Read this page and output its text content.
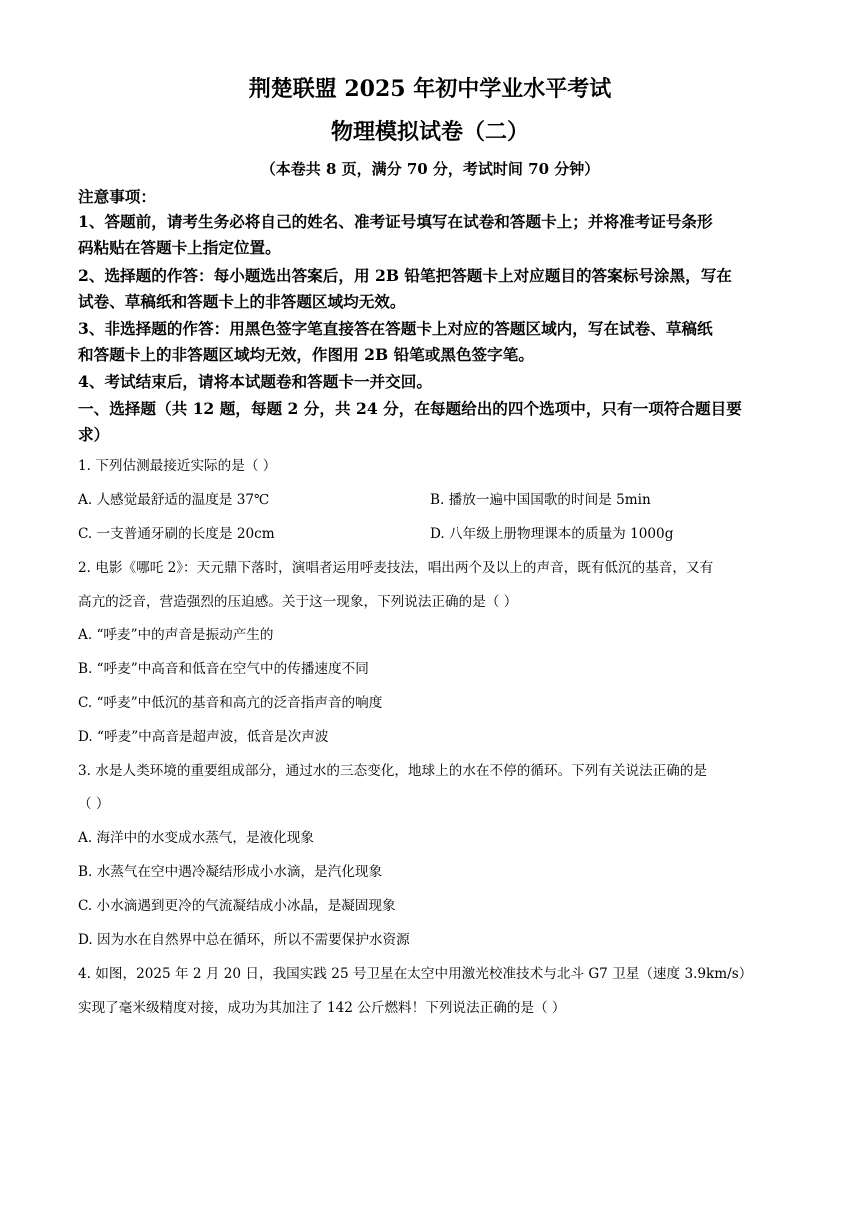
荆楚联盟 2025 年初中学业水平考试
物理模拟试卷（二）
（本卷共 8 页，满分 70 分，考试时间 70 分钟）
注意事项：
1、答题前，请考生务必将自己的姓名、准考证号填写在试卷和答题卡上；并将准考证号条形
码粘贴在答题卡上指定位置。
2、选择题的作答：每小题选出答案后，用 2B 铅笔把答题卡上对应题目的答案标号涂黑，写在
试卷、草稿纸和答题卡上的非答题区域均无效。
3、非选择题的作答：用黑色签字笔直接答在答题卡上对应的答题区域内，写在试卷、草稿纸
和答题卡上的非答题区域均无效，作图用 2B 铅笔或黑色签字笔。
4、考试结束后，请将本试题卷和答题卡一并交回。
一、选择题（共 12 题，每题 2 分，共 24 分，在每题给出的四个选项中，只有一项符合题目要
求）
1. 下列估测最接近实际的是（ ）
A. 人感觉最舒适的温度是 37℃	B. 播放一遍中国国歌的时间是 5min
C. 一支普通牙刷的长度是 20cm	D. 八年级上册物理课本的质量为 1000g
2. 电影《哪吒 2》：天元鼎下落时，演唱者运用呼麦技法，唱出两个及以上的声音，既有低沉的基音，又有
高亢的泛音，营造强烈的压迫感。关于这一现象，下列说法正确的是（ ）
A. “呼麦”中的声音是振动产生的
B. “呼麦”中高音和低音在空气中的传播速度不同
C. “呼麦”中低沉的基音和高亢的泛音指声音的响度
D. “呼麦”中高音是超声波，低音是次声波
3. 水是人类环境的重要组成部分，通过水的三态变化，地球上的水在不停的循环。下列有关说法正确的是
（ ）
A. 海洋中的水变成水蒸气，是液化现象
B. 水蒸气在空中遇冷凝结形成小水滴，是汽化现象
C. 小水滴遇到更冷的气流凝结成小冰晶，是凝固现象
D. 因为水在自然界中总在循环，所以不需要保护水资源
4. 如图，2025 年 2 月 20 日，我国实践 25 号卫星在太空中用激光校准技术与北斗 G7 卫星（速度 3.9km/s）
实现了毫米级精度对接，成功为其加注了 142 公斤燃料！下列说法正确的是（ ）
